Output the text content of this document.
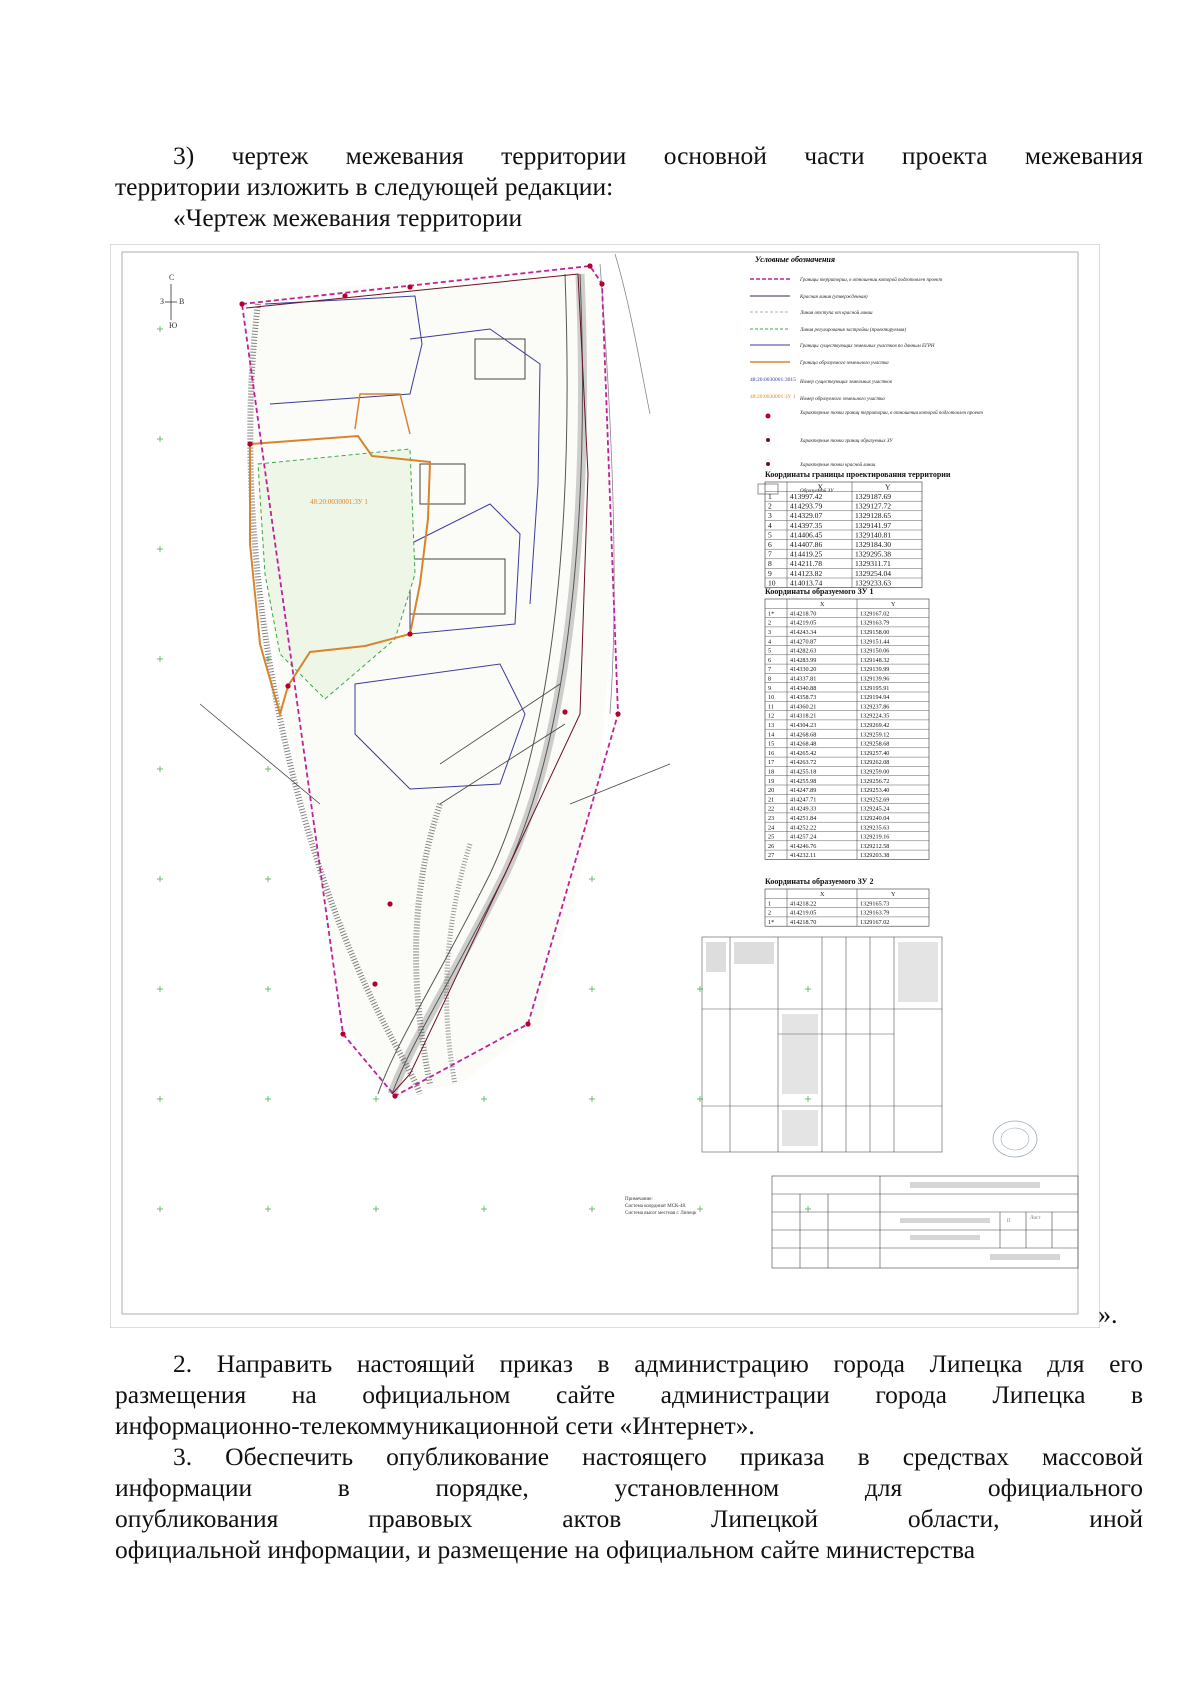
3) чертеж межевания территории основной части проекта межевания
территории изложить в следующей редакции:
«Чертеж межевания территории
С
Ю
З В
48:20:0030001:ЗУ 1
Условные обозначения
48:20:0030001:3015
48:20:0030001:ЗУ 1
Границы территории, в отношении которой подготовлен проект
Красная линия (утвержденная)
Линия отступа от красной линии
Линия регулирования застройки (проектируемая)
Границы существующих земельных участков по данным ЕГРН
Граница образуемого земельного участка
Номер существующих земельных участков
Номер образуемого земельного участка
Характерные точки границ территории, в отношении которой подготовлен проект
Характерные точки границ образуемых ЗУ
Характерные точки красной линии
Образуемый ЗУ
Координаты границы проектирования территории
X	Y
1 413997.42	1329187.69
2 414293.79	1329127.72
3 414329.07	1329128.65
4 414397.35	1329141.97
5 414406.45	1329140.81
6 414407.86	1329184.30
7 414419.25	1329295.38
8 414211.78	1329311.71
9 414123.82	1329254.04
10 414013.74	1329233.63
Координаты образуемого ЗУ 1
X	Y
1*	414218.70	1329167.02
2	414219.05	1329163.79
3	414243.34	1329158.00
4	414270.87	1329151.44
5	414282.63	1329150.06
6	414283.99	1329148.32
7	414330.20	1329139.99
8	414337.81	1329139.96
9	414340.88	1329195.91
10	414358.73	1329194.94
11	414360.21	1329237.86
12	414318.21	1329224.35
13	414304.23	1329269.42
14	414268.68	1329259.12
15	414268.48	1329258.68
16	414265.42	1329257.40
17	414263.72	1329262.08
18	414255.18	1329259.00
19	414255.98	1329256.72
20	414247.89	1329253.40
21	414247.71	1329252.69
22	414249.33	1329245.24
23	414251.84	1329240.04
24	414252.22	1329235.63
25	414257.24	1329219.16
26	414246.76	1329212.58
27	414232.11	1329203.38
Координаты образуемого ЗУ 2
X	Y
1	414218.22	1329165.73
2	414219.05	1329163.79
1*	414218.70	1329167.02
Примечание:
Система координат МСК-48.
Система высот местная г. Липецк
П
Лист
».
2. Направить настоящий приказ в администрацию города Липецка для его
размещения на официальном сайте администрации города Липецка в
информационно-телекоммуникационной сети «Интернет».
3. Обеспечить опубликование настоящего приказа в средствах массовой
информации в порядке, установленном для официального
опубликования правовых актов Липецкой области, иной
официальной информации, и размещение на официальном сайте министерства
